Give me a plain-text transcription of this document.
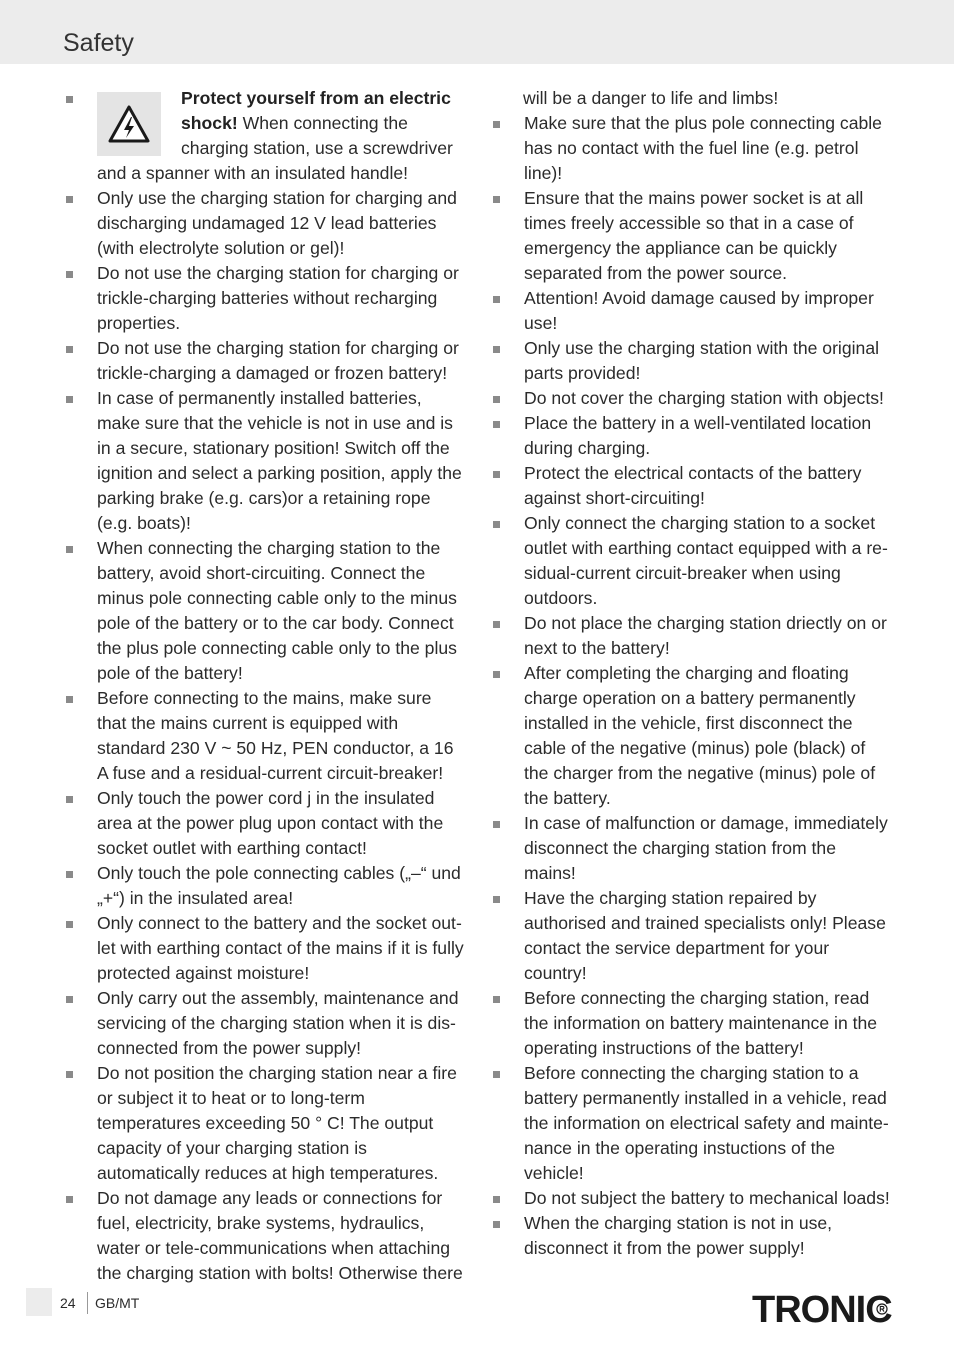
Safety
Protect yourself from an electric shock! When connecting the charging station, use a screwdriver and a spanner with an insulated handle!
Only use the charging station for charging and discharging undamaged 12 V lead batteries (with electrolyte solution or gel)!
Do not use the charging station for charging or trickle-charging batteries without recharging properties.
Do not use the charging station for charging or trickle-charging a damaged or frozen battery!
In case of permanently installed batteries, make sure that the vehicle is not in use and is in a secure, stationary position! Switch off the ignition and select a parking position, apply the parking brake (e.g. cars)or a retaining rope (e.g. boats)!
When connecting the charging station to the battery, avoid short-circuiting. Connect the minus pole connecting cable only to the minus pole of the battery or to the car body. Connect the plus pole connecting cable only to the plus pole of the battery!
Before connecting to the mains, make sure that the mains current is equipped with standard 230 V ~ 50 Hz, PEN conductor, a 16 A fuse and a residual-current circuit-breaker!
Only touch the power cord j in the insulated area at the power plug upon contact with the socket outlet with earthing contact!
Only touch the pole connecting cables („–“ und „+“) in the insulated area!
Only connect to the battery and the socket outlet with earthing contact of the mains if it is fully protected against moisture!
Only carry out the assembly, maintenance and servicing of the charging station when it is disconnected from the power supply!
Do not position the charging station near a fire or subject it to heat or to long-term temperatures exceeding 50 ° C! The output capacity of your charging station is automatically reduces at high temperatures.
Do not damage any leads or connections for fuel, electricity, brake systems, hydraulics, water or tele-communications when attaching the charging station with bolts! Otherwise there
will be a danger to life and limbs!
Make sure that the plus pole connecting cable has no contact with the fuel line (e.g. petrol line)!
Ensure that the mains power socket is at all times freely accessible so that in a case of emergency the appliance can be quickly separated from the power source.
Attention! Avoid damage caused by improper use!
Only use the charging station with the original parts provided!
Do not cover the charging station with objects!
Place the battery in a well-ventilated location during charging.
Protect the electrical contacts of the battery against short-circuiting!
Only connect the charging station to a socket outlet with earthing contact equipped with a residual-current circuit-breaker when using outdoors.
Do not place the charging station driectly on or next to the battery!
After completing the charging and floating charge operation on a battery permanently installed in the vehicle, first disconnect the cable of the negative (minus) pole (black) of the charger from the negative (minus) pole of the battery.
In case of malfunction or damage, immediately disconnect the charging station from the mains!
Have the charging station repaired by authorised and trained specialists only! Please contact the service department for your country!
Before connecting the charging station, read the information on battery maintenance in the operating instructions of the battery!
Before connecting the charging station to a battery permanently installed in a vehicle, read the information on electrical safety and maintenance in the operating instuctions of the vehicle!
Do not subject the battery to mechanical loads!
When the charging station is not in use, disconnect it from the power supply!
24 GB/MT	TRONIC
